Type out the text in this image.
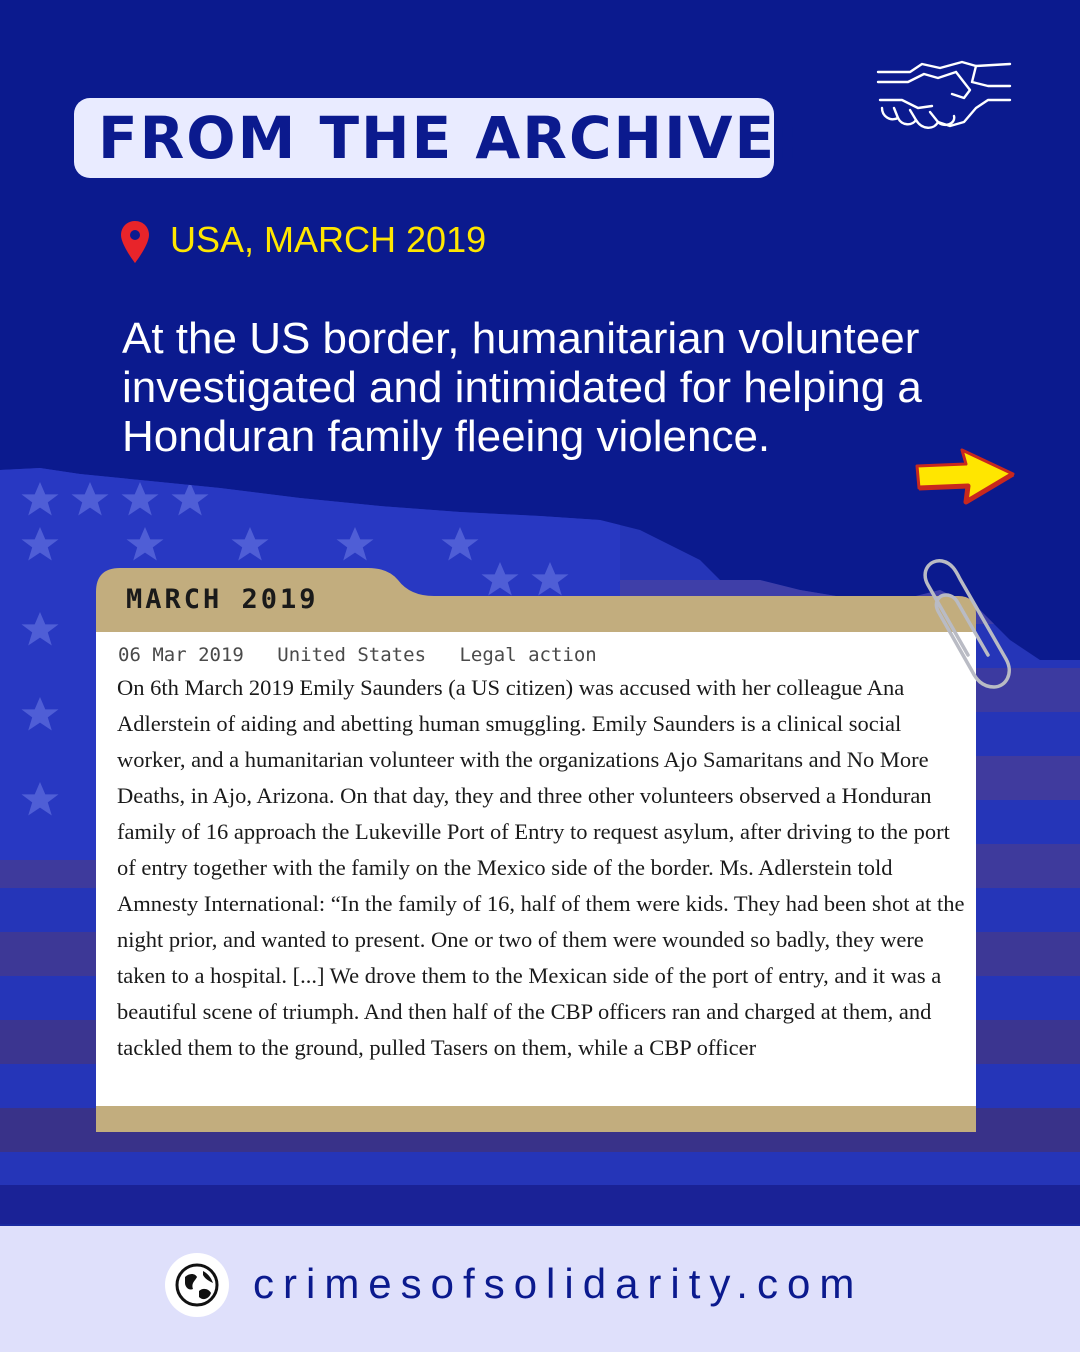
FROM THE ARCHIVE:
USA, MARCH 2019
At the US border, humanitarian volunteer investigated and intimidated for helping a Honduran family fleeing violence.
MARCH 2019
06 Mar 2019 United States Legal action
On 6th March 2019 Emily Saunders (a US citizen) was accused with her colleague Ana Adlerstein of aiding and abetting human smuggling. Emily Saunders is a clinical social worker, and a humanitarian volunteer with the organizations Ajo Samaritans and No More Deaths, in Ajo, Arizona. On that day, they and three other volunteers observed a Honduran family of 16 approach the Lukeville Port of Entry to request asylum, after driving to the port of entry together with the family on the Mexico side of the border. Ms. Adlerstein told Amnesty International: “In the family of 16, half of them were kids. They had been shot at the night prior, and wanted to present. One or two of them were wounded so badly, they were taken to a hospital. [...] We drove them to the Mexican side of the port of entry, and it was a beautiful scene of triumph. And then half of the CBP officers ran and charged at them, and tackled them to the ground, pulled Tasers on them, while a CBP officer
crimesofsolidarity.com
